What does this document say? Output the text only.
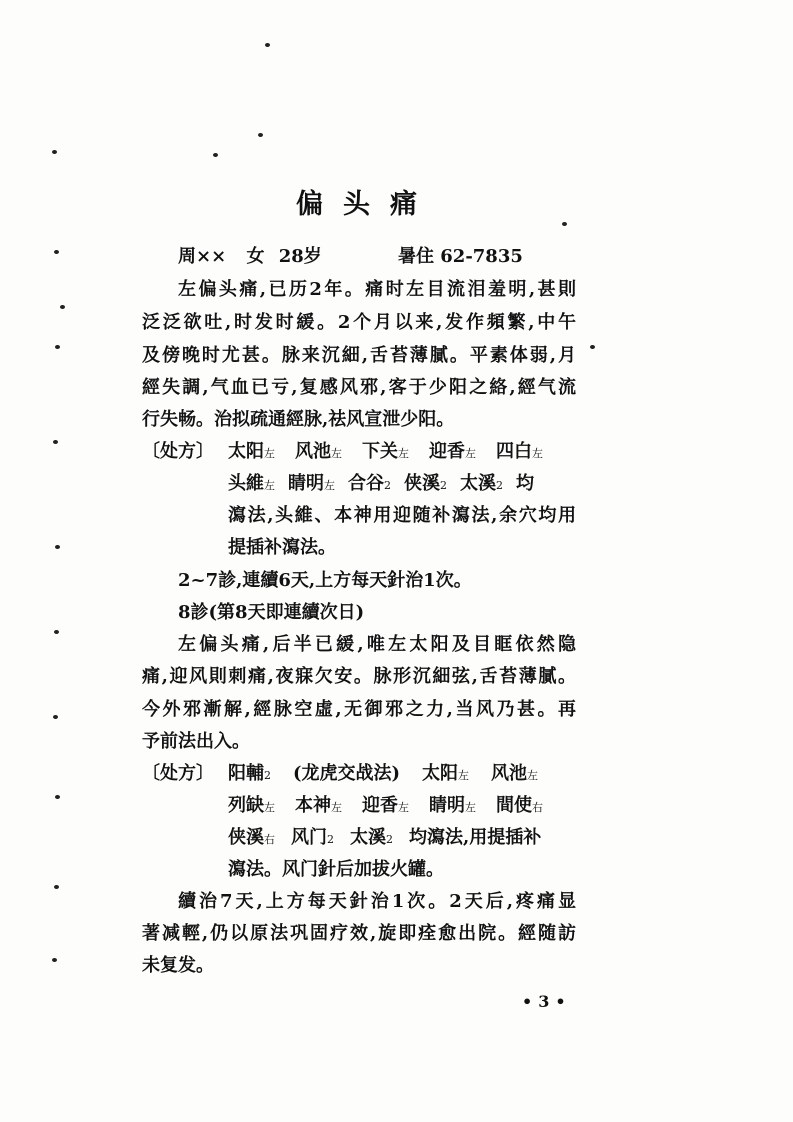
偏头痛
周×× 女 28岁	暑住 62-7835
左偏头痛,已历2年。痛时左目流泪羞明,甚則
泛泛欲吐,时发时緩。2个月以来,发作頻繁,中午
及傍晚时尤甚。脉来沉細,舌苔薄膩。平素体弱,月
經失調,气血已亏,复感风邪,客于少阳之絡,經气流
行失畅。治拟疏通經脉,祛风宣泄少阳。
〔处方〕 太阳左 风池左 下关左 迎香左 四白左
头維左 睛明左 合谷2 侠溪2 太溪2 均
瀉法,头維、本神用迎随补瀉法,余穴均用
提插补瀉法。
2~7診,連續6天,上方每天針治1次。
8診(第8天即連續次日)
左偏头痛,后半已緩,唯左太阳及目眶依然隐
痛,迎风則刺痛,夜寐欠安。脉形沉細弦,舌苔薄膩。
今外邪漸解,經脉空虛,无御邪之力,当风乃甚。再
予前法出入。
〔处方〕 阳輔2 (龙虎交战法) 太阳左 风池左
列缺左 本神左 迎香左 睛明左 間使右
侠溪右 风门2 太溪2 均瀉法,用提插补
瀉法。风门針后加拔火罐。
續治7天,上方每天針治1次。2天后,疼痛显
著减輕,仍以原法巩固疗效,旋即痊愈出院。經随訪
未复发。
•3•
